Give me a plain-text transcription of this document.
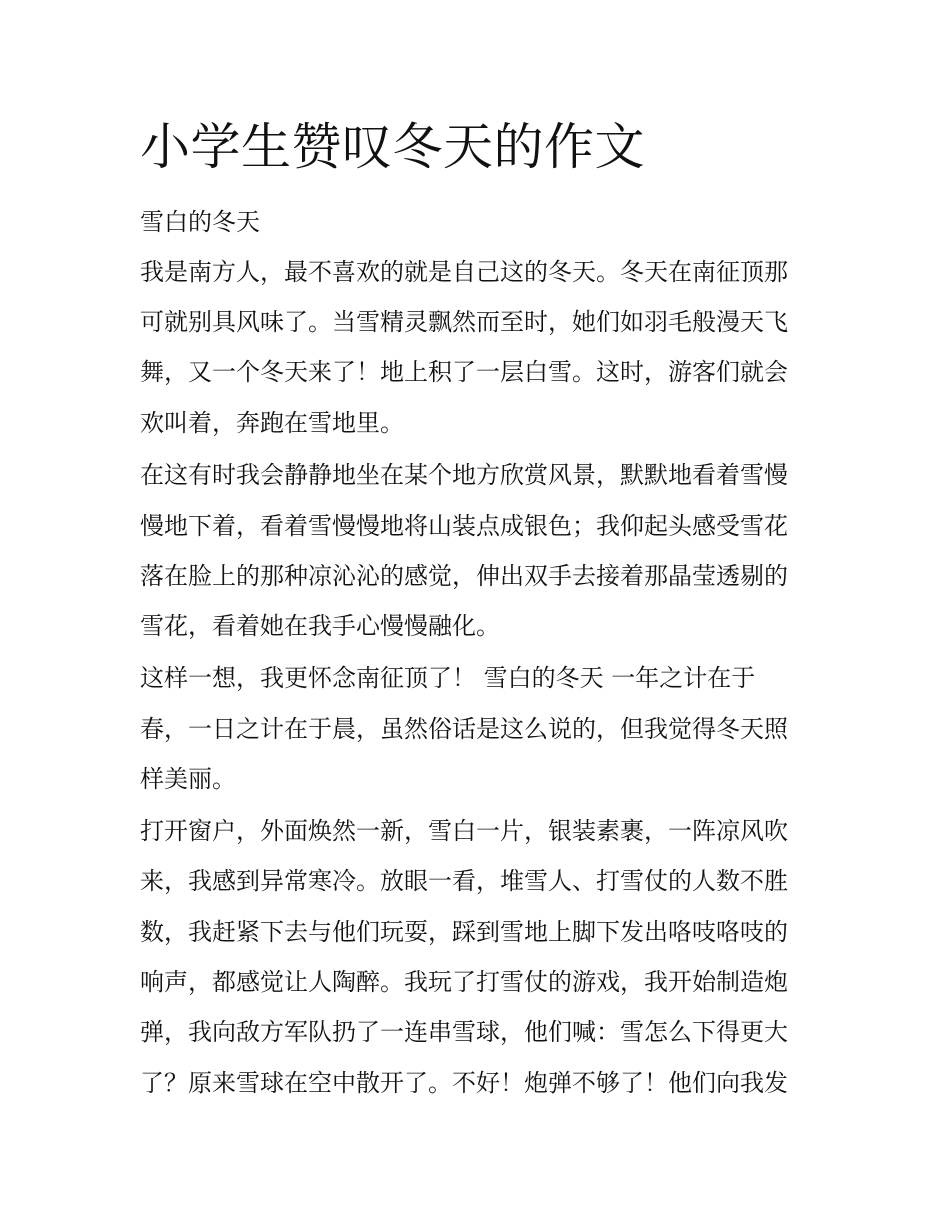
小学生赞叹冬天的作文

雪白的冬天

我是南方人，最不喜欢的就是自己这的冬天。冬天在南征顶那

可就别具风味了。当雪精灵飘然而至时，她们如羽毛般漫天飞

舞，又一个冬天来了！地上积了一层白雪。这时，游客们就会

欢叫着，奔跑在雪地里。

在这有时我会静静地坐在某个地方欣赏风景，默默地看着雪慢

慢地下着，看着雪慢慢地将山装点成银色；我仰起头感受雪花

落在脸上的那种凉沁沁的感觉，伸出双手去接着那晶莹透剔的

雪花，看着她在我手心慢慢融化。

这样一想，我更怀念南征顶了！ 雪白的冬天 一年之计在于

春，一日之计在于晨，虽然俗话是这么说的，但我觉得冬天照

样美丽。

打开窗户，外面焕然一新，雪白一片，银装素裹，一阵凉风吹

来，我感到异常寒冷。放眼一看，堆雪人、打雪仗的人数不胜

数，我赶紧下去与他们玩耍，踩到雪地上脚下发出咯吱咯吱的

响声，都感觉让人陶醉。我玩了打雪仗的游戏，我开始制造炮

弹，我向敌方军队扔了一连串雪球，他们喊：雪怎么下得更大

了？原来雪球在空中散开了。不好！炮弹不够了！他们向我发
